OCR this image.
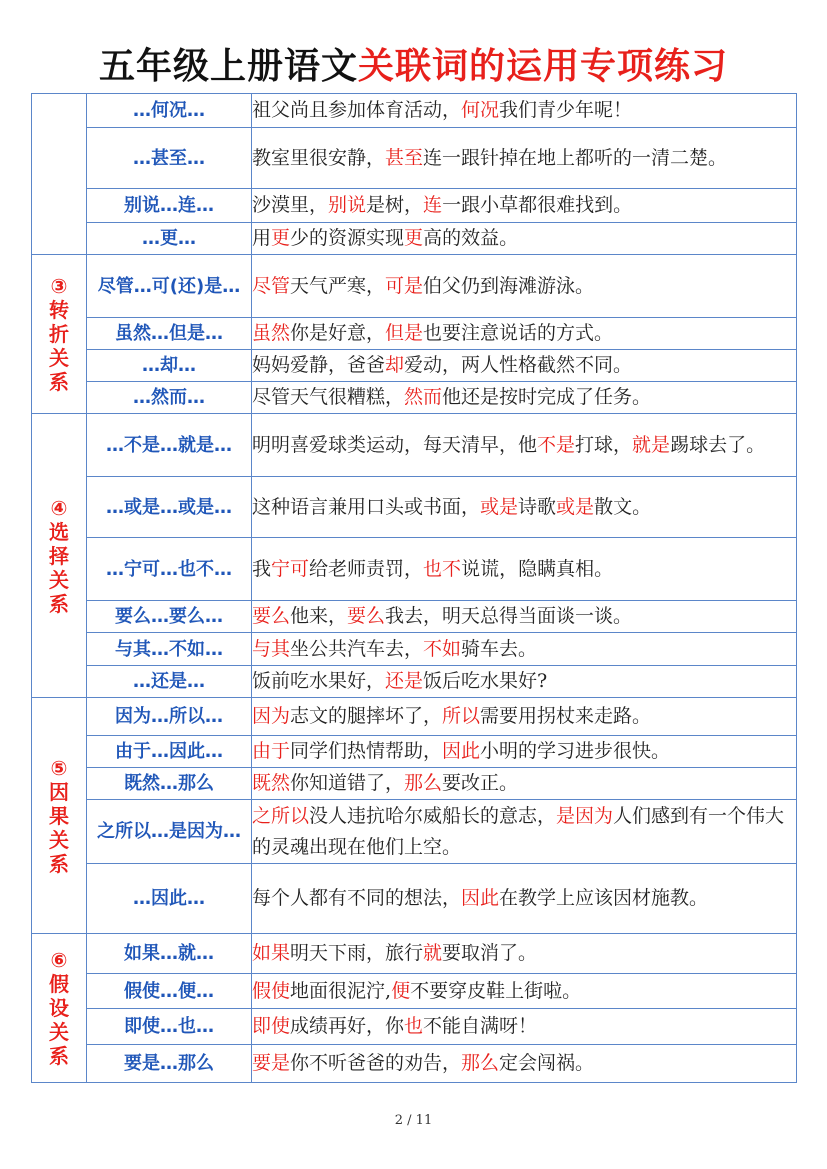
五年级上册语文关联词的运用专项练习
	…何况…	祖父尚且参加体育活动，何况我们青少年呢！
	…甚至…	教室里很安静，甚至连一跟针掉在地上都听的一清二楚。
	别说…连…	沙漠里，别说是树，连一跟小草都很难找到。
	…更…	用更少的资源实现更高的效益。

③
转
折
关
系	尽管…可(还)是…	尽管天气严寒，可是伯父仍到海滩游泳。
	虽然…但是…	虽然你是好意，但是也要注意说话的方式。
	…却…	妈妈爱静，爸爸却爱动，两人性格截然不同。
	…然而…	尽管天气很糟糕，然而他还是按时完成了任务。

④
选
择
关
系	…不是…就是…	明明喜爱球类运动，每天清早，他不是打球，就是踢球去了。
	…或是…或是…	这种语言兼用口头或书面，或是诗歌或是散文。
	…宁可…也不…	我宁可给老师责罚，也不说谎，隐瞒真相。
	要么…要么…	要么他来，要么我去，明天总得当面谈一谈。
	与其…不如…	与其坐公共汽车去，不如骑车去。
	…还是…	饭前吃水果好，还是饭后吃水果好?

⑤
因
果
关
系	因为…所以…	因为志文的腿摔坏了，所以需要用拐杖来走路。
	由于…因此…	由于同学们热情帮助，因此小明的学习进步很快。
	既然…那么	既然你知道错了，那么要改正。
	之所以…是因为…	之所以没人违抗哈尔威船长的意志，是因为人们感到有一个伟大的灵魂出现在他们上空。
	…因此…	每个人都有不同的想法，因此在教学上应该因材施教。

⑥
假
设
关
系	如果…就…	如果明天下雨，旅行就要取消了。
	假使…便…	假使地面很泥泞,便不要穿皮鞋上街啦。
	即使…也…	即使成绩再好，你也不能自满呀！
	要是…那么	要是你不听爸爸的劝告，那么定会闯祸。
2 / 11
